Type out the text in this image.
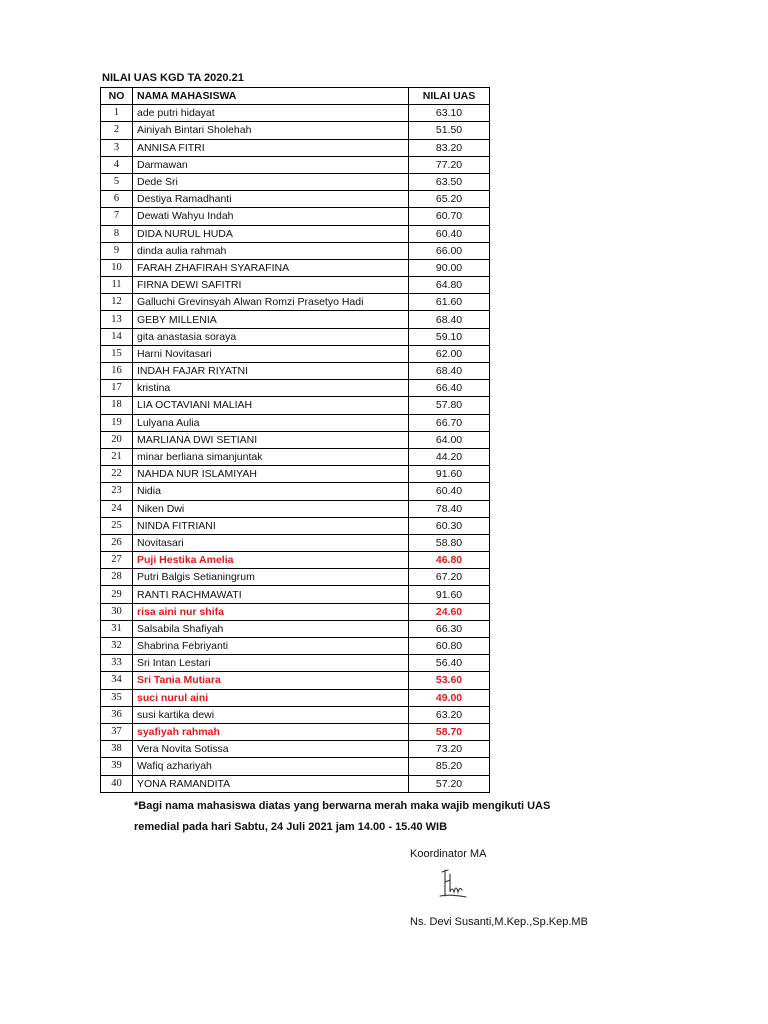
NILAI UAS KGD TA 2020.21
NO	NAMA MAHASISWA	NILAI UAS
1	ade putri hidayat	63.10
2	Ainiyah Bintari Sholehah	51.50
3	ANNISA FITRI	83.20
4	Darmawan	77.20
5	Dede Sri	63.50
6	Destiya Ramadhanti	65.20
7	Dewati Wahyu Indah	60.70
8	DIDA NURUL HUDA	60.40
9	dinda aulia rahmah	66.00
10	FARAH ZHAFIRAH SYARAFINA	90.00
11	FIRNA DEWI SAFITRI	64.80
12	Galluchi Grevinsyah Alwan Romzi Prasetyo Hadi	61.60
13	GEBY MILLENIA	68.40
14	gita anastasia soraya	59.10
15	Harni Novitasari	62.00
16	INDAH FAJAR RIYATNI	68.40
17	kristina	66.40
18	LIA OCTAVIANI MALIAH	57.80
19	Lulyana Aulia	66.70
20	MARLIANA DWI SETIANI	64.00
21	minar berliana simanjuntak	44.20
22	NAHDA NUR ISLAMIYAH	91.60
23	Nidia	60.40
24	Niken Dwi	78.40
25	NINDA FITRIANI	60.30
26	Novitasari	58.80
27	Puji Hestika Amelia	46.80
28	Putri Balgis Setianingrum	67.20
29	RANTI RACHMAWATI	91.60
30	risa aini nur shifa	24.60
31	Salsabila Shafiyah	66.30
32	Shabrina Febriyanti	60.80
33	Sri Intan Lestari	56.40
34	Sri Tania Mutiara	53.60
35	suci nurul aini	49.00
36	susi kartika dewi	63.20
37	syafiyah rahmah	58.70
38	Vera Novita Sotissa	73.20
39	Wafiq azhariyah	85.20
40	YONA RAMANDITA	57.20
*Bagi nama mahasiswa diatas yang berwarna merah maka wajib mengikuti UAS
remedial pada hari Sabtu, 24 Juli 2021 jam 14.00 - 15.40 WIB
Koordinator MA
Ns. Devi Susanti,M.Kep.,Sp.Kep.MB
